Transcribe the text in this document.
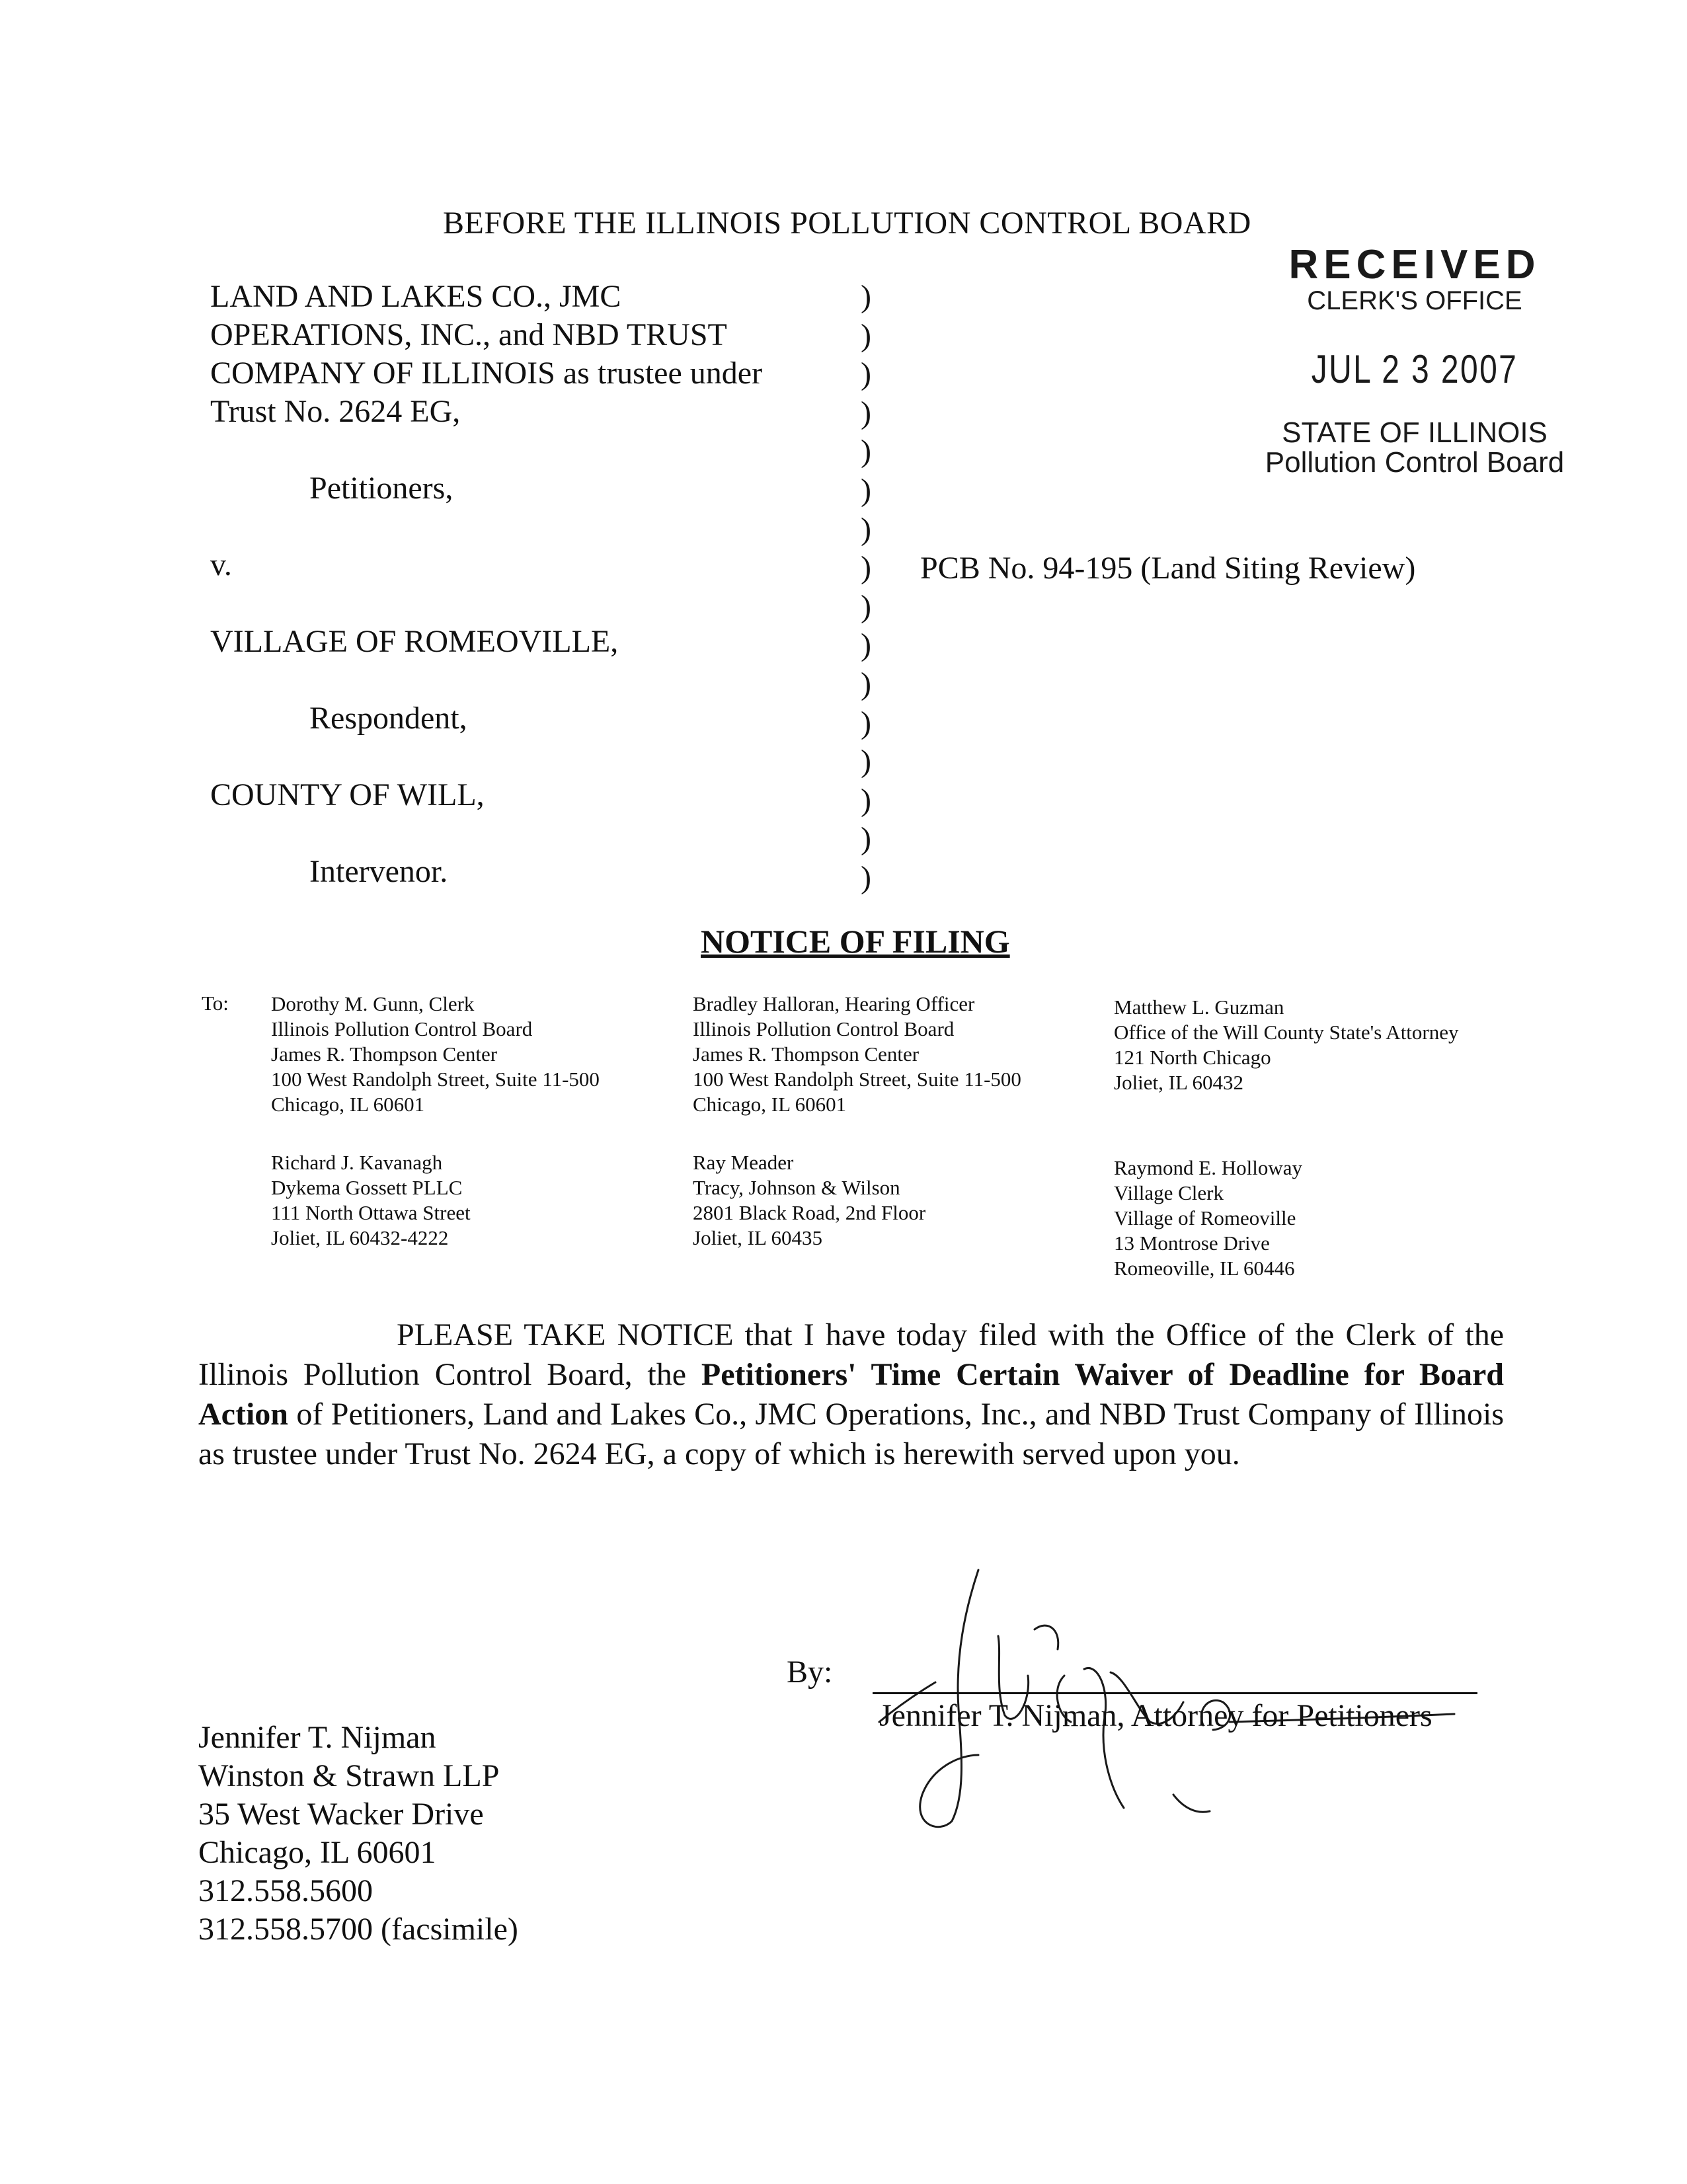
BEFORE THE ILLINOIS POLLUTION CONTROL BOARD
RECEIVED
CLERK'S OFFICE
JUL 2 3 2007
STATE OF ILLINOIS
Pollution Control Board

LAND AND LAKES CO., JMC

OPERATIONS, INC., and NBD TRUST

COMPANY OF ILLINOIS as trustee under

Trust No. 2624 EG,

Petitioners,

v.

VILLAGE OF ROMEOVILLE,

Respondent,

COUNTY OF WILL,

Intervenor.

)
)
)
)
)
)
)
)
)
)
)
)
)
)
)
)
PCB No. 94-195 (Land Siting Review)
NOTICE OF FILING
To: Dorothy M. Gunn, Clerk
Illinois Pollution Control Board
James R. Thompson Center
100 West Randolph Street, Suite 11-500
Chicago, IL 60601
Bradley Halloran, Hearing Officer
Illinois Pollution Control Board
James R. Thompson Center
100 West Randolph Street, Suite 11-500
Chicago, IL 60601
Matthew L. Guzman
Office of the Will County State's Attorney
121 North Chicago
Joliet, IL 60432
Richard J. Kavanagh
Dykema Gossett PLLC
111 North Ottawa Street
Joliet, IL 60432-4222
Ray Meader
Tracy, Johnson & Wilson
2801 Black Road, 2nd Floor
Joliet, IL 60435
Raymond E. Holloway
Village Clerk
Village of Romeoville
13 Montrose Drive
Romeoville, IL 60446
PLEASE TAKE NOTICE that I have today filed with the Office of the Clerk of the Illinois Pollution Control Board, the Petitioners' Time Certain Waiver of Deadline for Board Action of Petitioners, Land and Lakes Co., JMC Operations, Inc., and NBD Trust Company of Illinois as trustee under Trust No. 2624 EG, a copy of which is herewith served upon you.
By:
Jennifer T. Nijman, Attorney for Petitioners
Jennifer T. Nijman
Winston & Strawn LLP
35 West Wacker Drive
Chicago, IL 60601
312.558.5600
312.558.5700 (facsimile)
